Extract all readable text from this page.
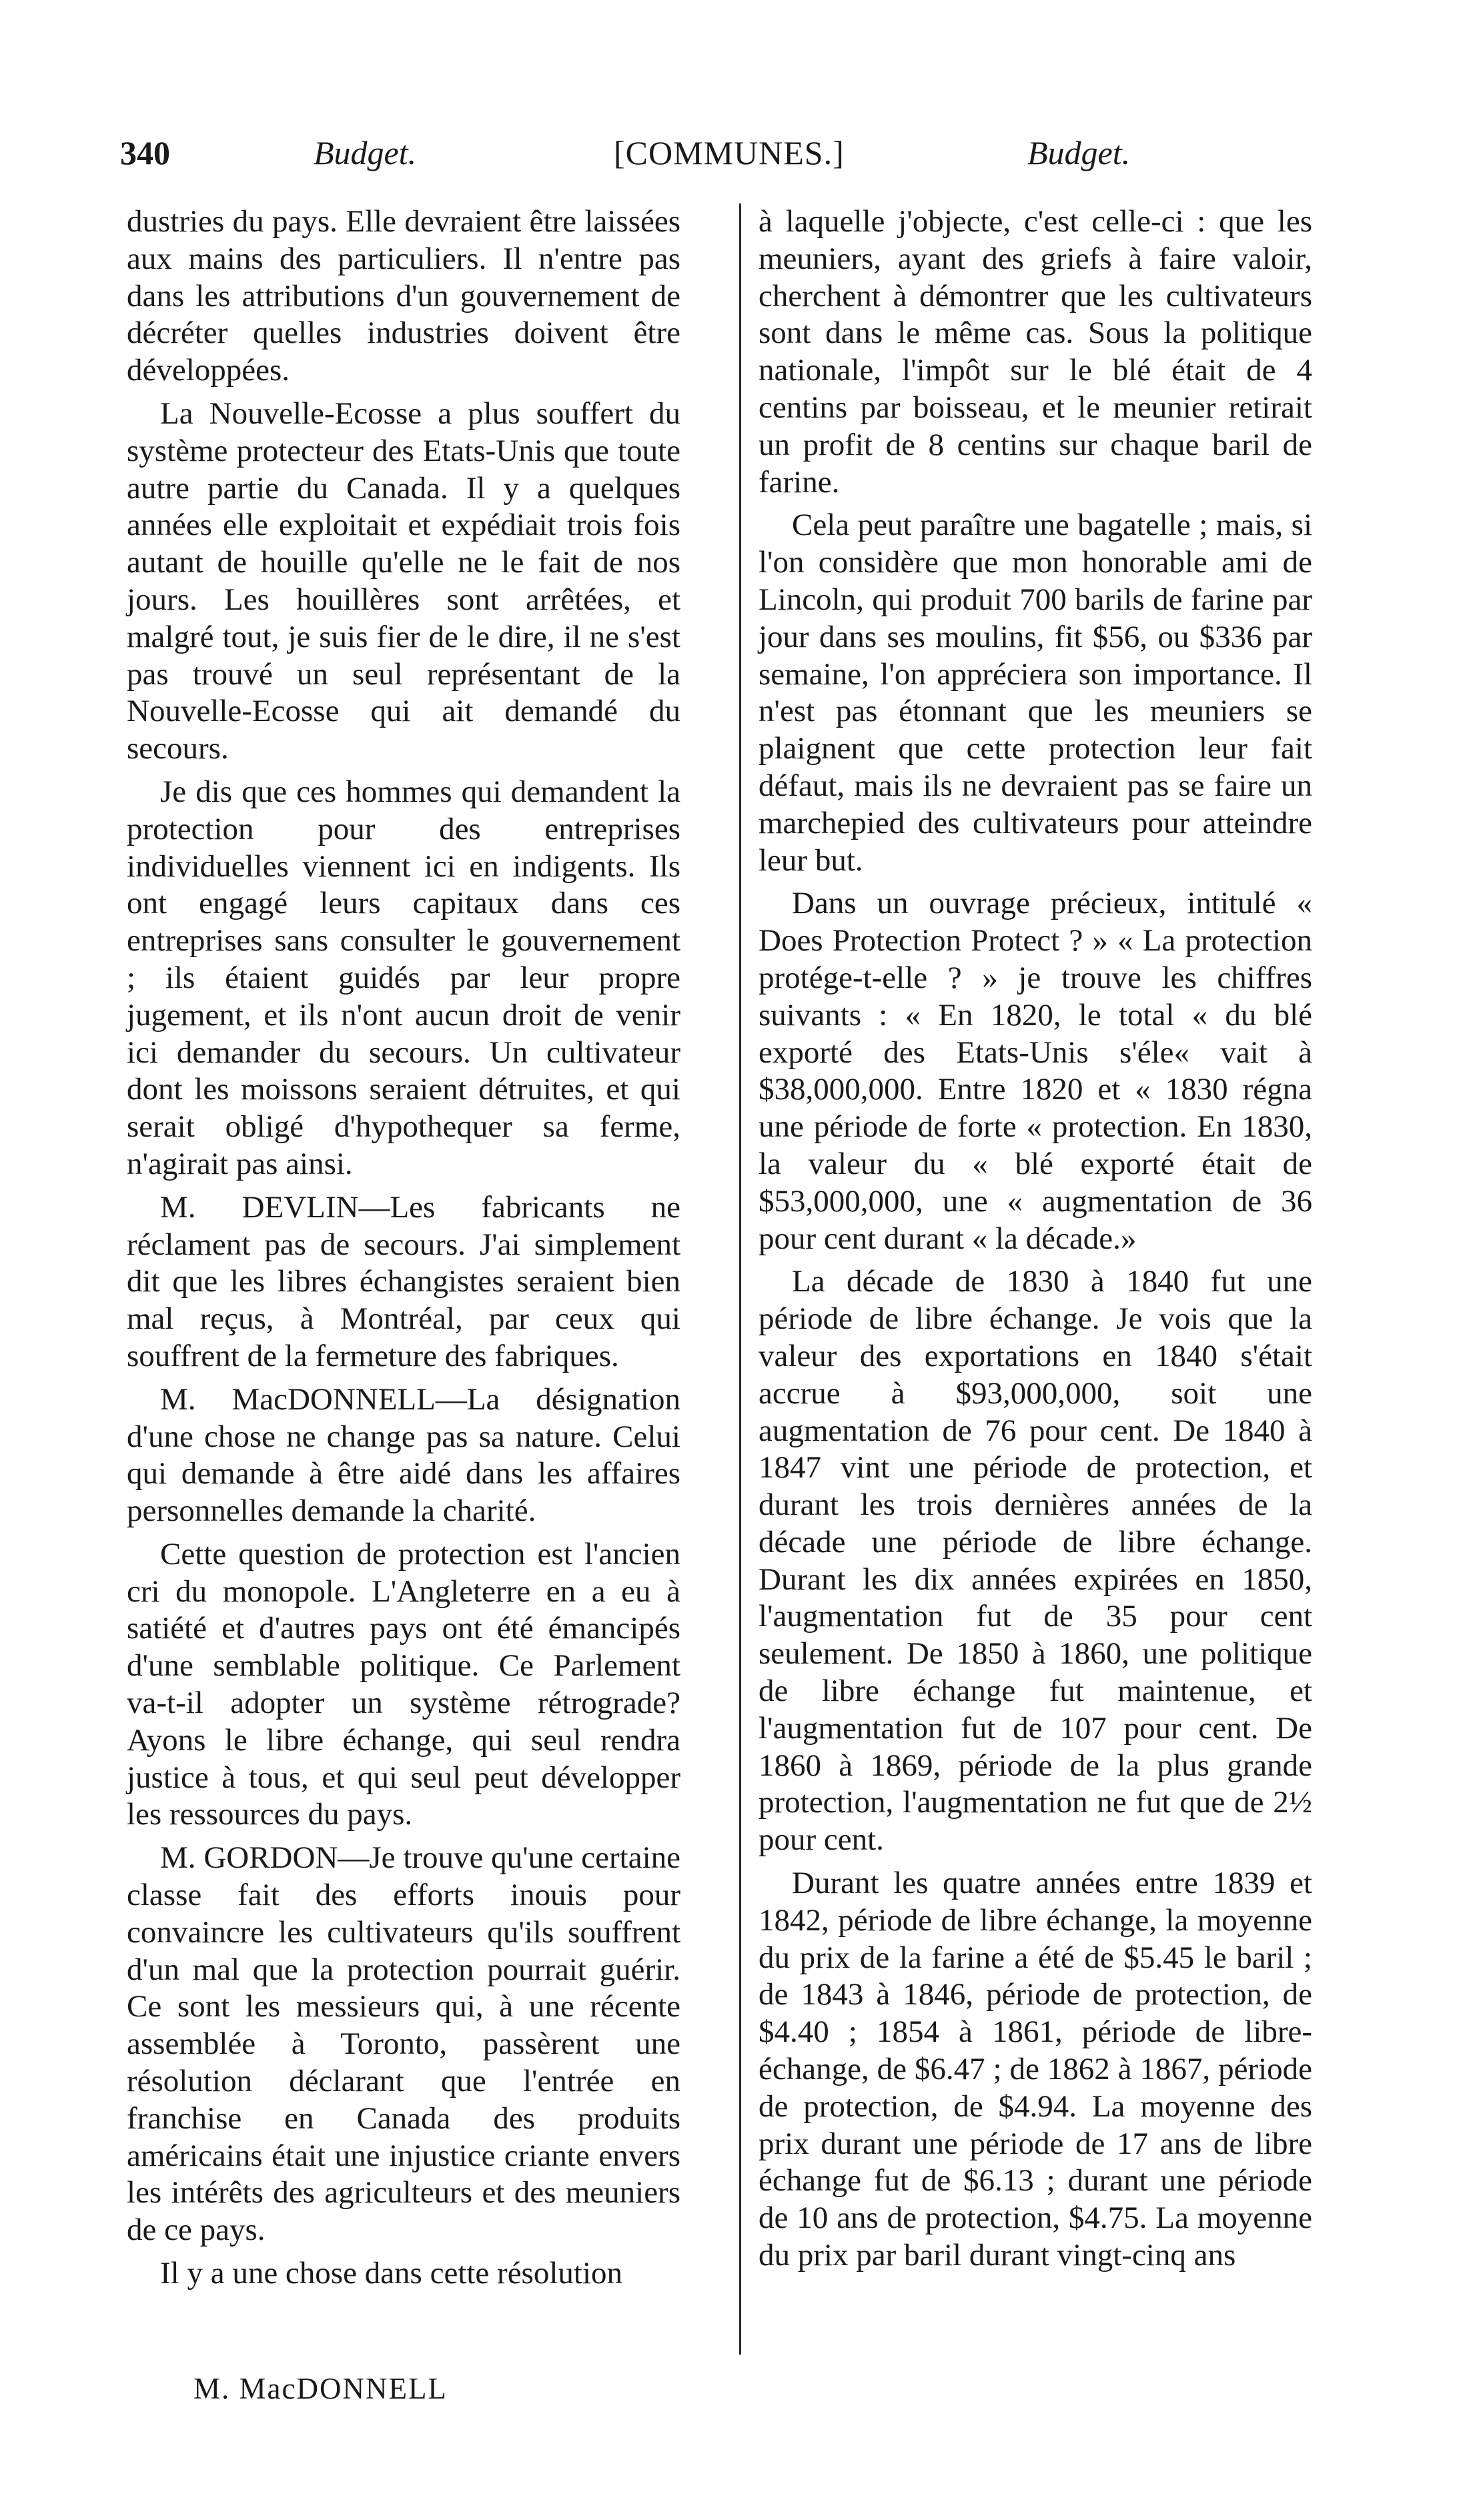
340	Budget.	[COMMUNES.]	Budget.

dustries du pays. Elle devraient être laissées aux mains des particuliers. Il n'entre pas dans les attributions d'un gouvernement de décréter quelles industries doivent être développées.

La Nouvelle-Ecosse a plus souffert du système protecteur des Etats-Unis que toute autre partie du Canada. Il y a quelques années elle exploitait et expédiait trois fois autant de houille qu'elle ne le fait de nos jours. Les houillères sont arrêtées, et malgré tout, je suis fier de le dire, il ne s'est pas trouvé un seul représentant de la Nouvelle-Ecosse qui ait demandé du secours.

Je dis que ces hommes qui demandent la protection pour des entreprises individuelles viennent ici en indigents. Ils ont engagé leurs capitaux dans ces entreprises sans consulter le gouvernement ; ils étaient guidés par leur propre jugement, et ils n'ont aucun droit de venir ici demander du secours. Un cultivateur dont les moissons seraient détruites, et qui serait obligé d'hypothequer sa ferme, n'agirait pas ainsi.

M. DEVLIN—Les fabricants ne réclament pas de secours. J'ai simplement dit que les libres échangistes seraient bien mal reçus, à Montréal, par ceux qui souffrent de la fermeture des fabriques.

M. MacDONNELL—La désignation d'une chose ne change pas sa nature. Celui qui demande à être aidé dans les affaires personnelles demande la charité.

Cette question de protection est l'ancien cri du monopole. L'Angleterre en a eu à satiété et d'autres pays ont été émancipés d'une semblable politique. Ce Parlement va-t-il adopter un système rétrograde? Ayons le libre échange, qui seul rendra justice à tous, et qui seul peut développer les ressources du pays.

M. GORDON—Je trouve qu'une certaine classe fait des efforts inouis pour convaincre les cultivateurs qu'ils souffrent d'un mal que la protection pourrait guérir. Ce sont les messieurs qui, à une récente assemblée à Toronto, passèrent une résolution déclarant que l'entrée en franchise en Canada des produits américains était une injustice criante envers les intérêts des agriculteurs et des meuniers de ce pays.

Il y a une chose dans cette résolution

à laquelle j'objecte, c'est celle-ci : que les meuniers, ayant des griefs à faire valoir, cherchent à démontrer que les cultivateurs sont dans le même cas. Sous la politique nationale, l'impôt sur le blé était de 4 centins par boisseau, et le meunier retirait un profit de 8 centins sur chaque baril de farine.

Cela peut paraître une bagatelle ; mais, si l'on considère que mon honorable ami de Lincoln, qui produit 700 barils de farine par jour dans ses moulins, fit $56, ou $336 par semaine, l'on appréciera son importance. Il n'est pas étonnant que les meuniers se plaignent que cette protection leur fait défaut, mais ils ne devraient pas se faire un marchepied des cultivateurs pour atteindre leur but.

Dans un ouvrage précieux, intitulé « Does Protection Protect ? » « La protection protége-t-elle ? » je trouve les chiffres suivants : « En 1820, le total « du blé exporté des Etats-Unis s'éle« vait à $38,000,000. Entre 1820 et « 1830 régna une période de forte « protection. En 1830, la valeur du « blé exporté était de $53,000,000, une « augmentation de 36 pour cent durant « la décade.»

La décade de 1830 à 1840 fut une période de libre échange. Je vois que la valeur des exportations en 1840 s'était accrue à $93,000,000, soit une augmentation de 76 pour cent. De 1840 à 1847 vint une période de protection, et durant les trois dernières années de la décade une période de libre échange. Durant les dix années expirées en 1850, l'augmentation fut de 35 pour cent seulement. De 1850 à 1860, une politique de libre échange fut maintenue, et l'augmentation fut de 107 pour cent. De 1860 à 1869, période de la plus grande protection, l'augmentation ne fut que de 2½ pour cent.

Durant les quatre années entre 1839 et 1842, période de libre échange, la moyenne du prix de la farine a été de $5.45 le baril ; de 1843 à 1846, période de protection, de $4.40 ; 1854 à 1861, période de libre-échange, de $6.47 ; de 1862 à 1867, période de protection, de $4.94. La moyenne des prix durant une période de 17 ans de libre échange fut de $6.13 ; durant une période de 10 ans de protection, $4.75. La moyenne du prix par baril durant vingt-cinq ans

M. MacDONNELL
